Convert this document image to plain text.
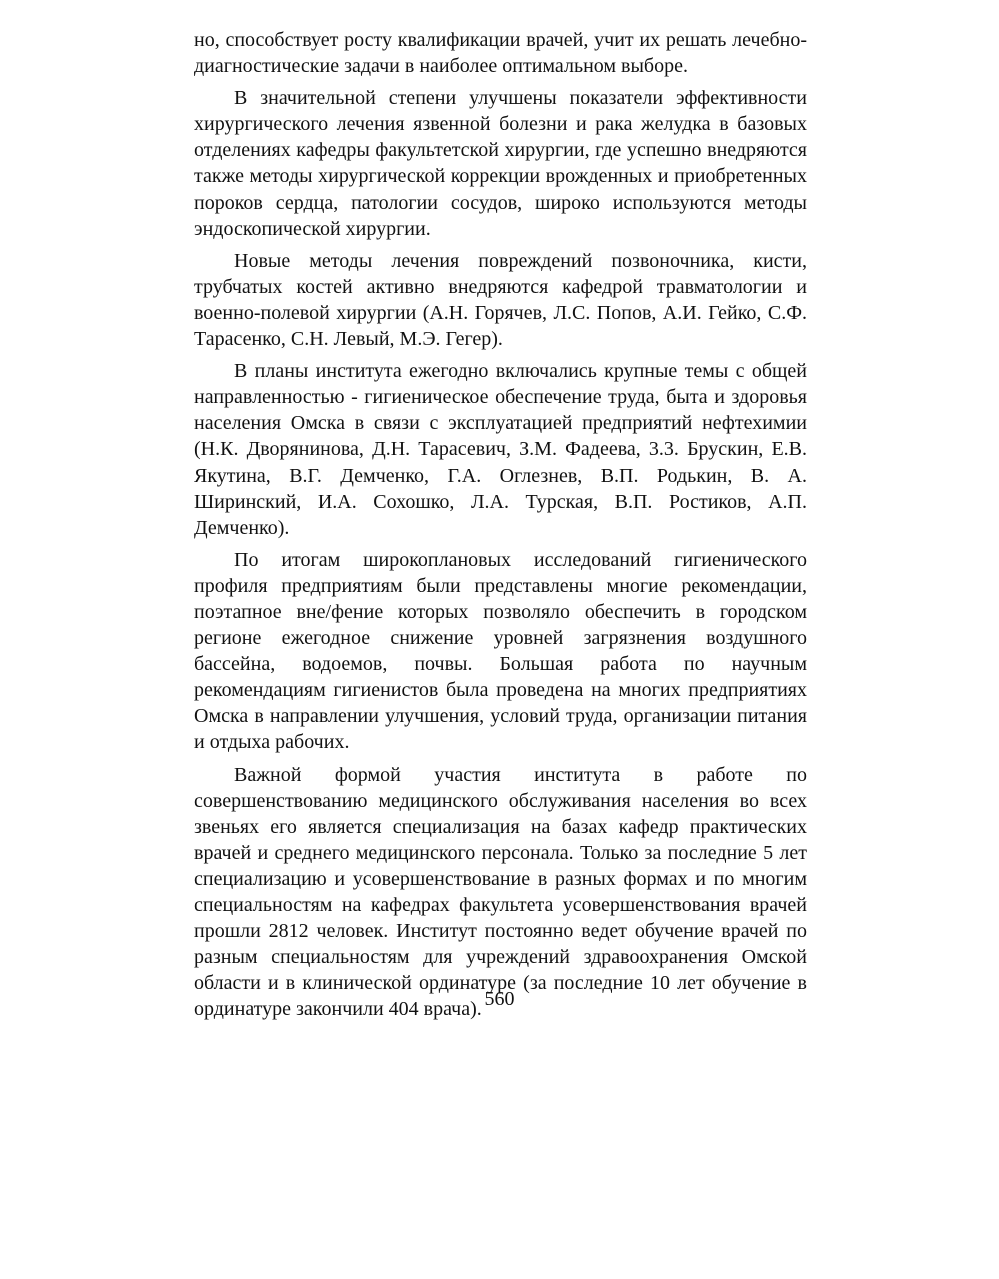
но, способствует росту квалификации врачей, учит их решать лечебно-диагностические задачи в наиболее оптимальном выборе.

В значительной степени улучшены показатели эффективности хирургического лечения язвенной болезни и рака желудка в базовых отделениях кафедры факультетской хирургии, где успешно внедряются также методы хирургической коррекции врожденных и приобретенных пороков сердца, патологии сосудов, широко используются методы эндоскопической хирургии.

Новые методы лечения повреждений позвоночника, кисти, трубчатых костей активно внедряются кафедрой травматологии и военно-полевой хирургии (А.Н. Горячев, Л.С. Попов, А.И. Гейко, С.Ф. Тарасенко, С.Н. Левый, М.Э. Гегер).

В планы института ежегодно включались крупные темы с общей направленностью - гигиеническое обеспечение труда, быта и здоровья населения Омска в связи с эксплуатацией предприятий нефтехимии (Н.К. Дворянинова, Д.Н. Тарасевич, З.М. Фадеева, 3.3. Брускин, Е.В. Якутина, В.Г. Демченко, Г.А. Оглезнев, В.П. Родькин, В. А. Ширинский, И.А. Сохошко, Л.А. Турская, В.П. Ростиков, А.П. Демченко).

По итогам широкоплановых исследований гигиенического профиля предприятиям были представлены многие рекомендации, поэтапное вне/фение которых позволяло обеспечить в городском регионе ежегодное снижение уровней загрязнения воздушного бассейна, водоемов, почвы. Большая работа по научным рекомендациям гигиенистов была проведена на многих предприятиях Омска в направлении улучшения, условий труда, организации питания и отдыха рабочих.

Важной формой участия института в работе по совершенствованию медицинского обслуживания населения во всех звеньях его является специализация на базах кафедр практических врачей и среднего медицинского персонала. Только за последние 5 лет специализацию и усовершенствование в разных формах и по многим специальностям на кафедрах факультета усовершенствования врачей прошли 2812 человек. Институт постоянно ведет обучение врачей по разным специальностям для учреждений здравоохранения Омской области и в клинической ординатуре (за последние 10 лет обучение в ординатуре закончили 404 врача). 560
